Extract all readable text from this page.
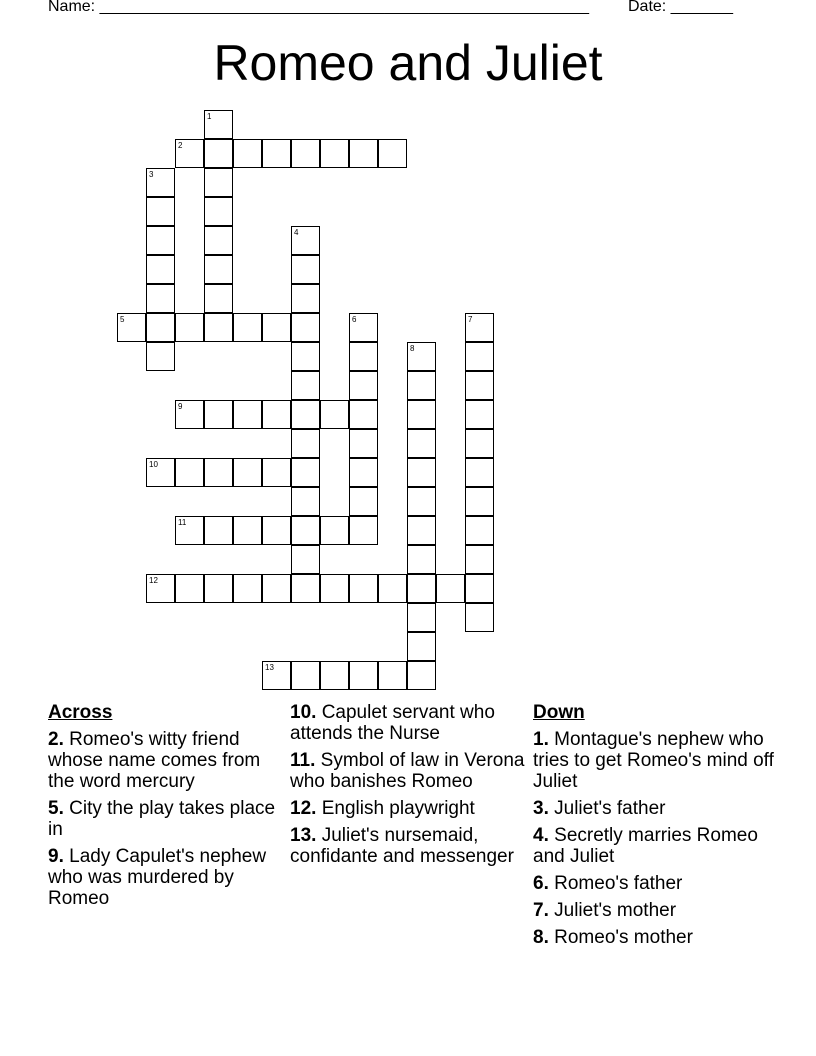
Name: _______________________________________________________ Date: _______
Romeo and Juliet
1
2
3
4
5	6	7
8
9
10
11
12
13
Across
2. Romeo's witty friend whose name comes from the word mercury
5. City the play takes place in
9. Lady Capulet's nephew who was murdered by Romeo
10. Capulet servant who attends the Nurse
11. Symbol of law in Verona who banishes Romeo
12. English playwright
13. Juliet's nursemaid, confidante and messenger
Down
1. Montague's nephew who tries to get Romeo's mind off Juliet
3. Juliet's father
4. Secretly marries Romeo and Juliet
6. Romeo's father
7. Juliet's mother
8. Romeo's mother
